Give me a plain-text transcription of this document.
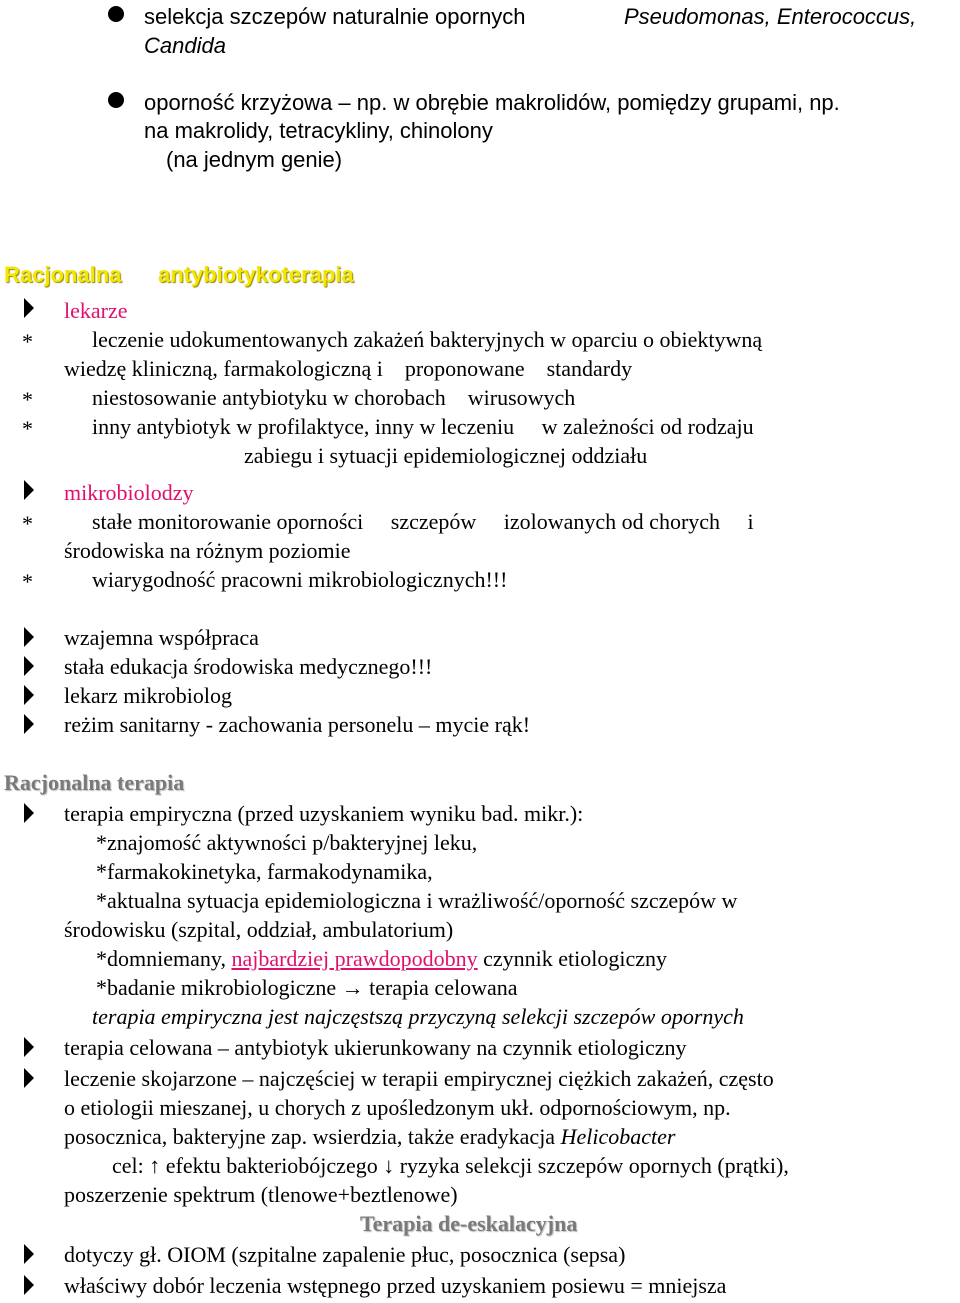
selekcja szczepów naturalnie opornych	Pseudomonas, Enterococcus,
Candida
oporność krzyżowa – np. w obrębie makrolidów, pomiędzy grupami, np.
na makrolidy, tetracykliny, chinolony
(na jednym genie)
Racjonalna antybiotykoterapia
lekarze
*	leczenie udokumentowanych zakażeń bakteryjnych w oparciu o obiektywną
wiedzę kliniczną, farmakologiczną i    proponowane    standardy
*	niestosowanie antybiotyku w chorobach    wirusowych
*	inny antybiotyk w profilaktyce, inny w leczeniu     w zależności od rodzaju
zabiegu i sytuacji epidemiologicznej oddziału
mikrobiolodzy
*	stałe monitorowanie oporności     szczepów     izolowanych od chorych     i
środowiska na różnym poziomie
*	wiarygodność pracowni mikrobiologicznych!!!
wzajemna współpraca
stała edukacja środowiska medycznego!!!
lekarz mikrobiolog
reżim sanitarny - zachowania personelu – mycie rąk!
Racjonalna terapia
terapia empiryczna (przed uzyskaniem wyniku bad. mikr.):
*znajomość aktywności p/bakteryjnej leku,
*farmakokinetyka, farmakodynamika,
*aktualna sytuacja epidemiologiczna i wrażliwość/oporność szczepów w
środowisku (szpital, oddział, ambulatorium)
*domniemany, najbardziej prawdopodobny czynnik etiologiczny
*badanie mikrobiologiczne → terapia celowana
terapia empiryczna jest najczęstszą przyczyną selekcji szczepów opornych
terapia celowana – antybiotyk ukierunkowany na czynnik etiologiczny
leczenie skojarzone – najczęściej w terapii empirycznej ciężkich zakażeń, często
o etiologii mieszanej, u chorych z upośledzonym ukł. odpornościowym, np.
posocznica, bakteryjne zap. wsierdzia, także eradykacja Helicobacter
cel: ↑ efektu bakteriobójczego ↓ ryzyka selekcji szczepów opornych (prątki),
poszerzenie spektrum (tlenowe+beztlenowe)
Terapia de-eskalacyjna
dotyczy gł. OIOM (szpitalne zapalenie płuc, posocznica (sepsa)
właściwy dobór leczenia wstępnego przed uzyskaniem posiewu = mniejsza
